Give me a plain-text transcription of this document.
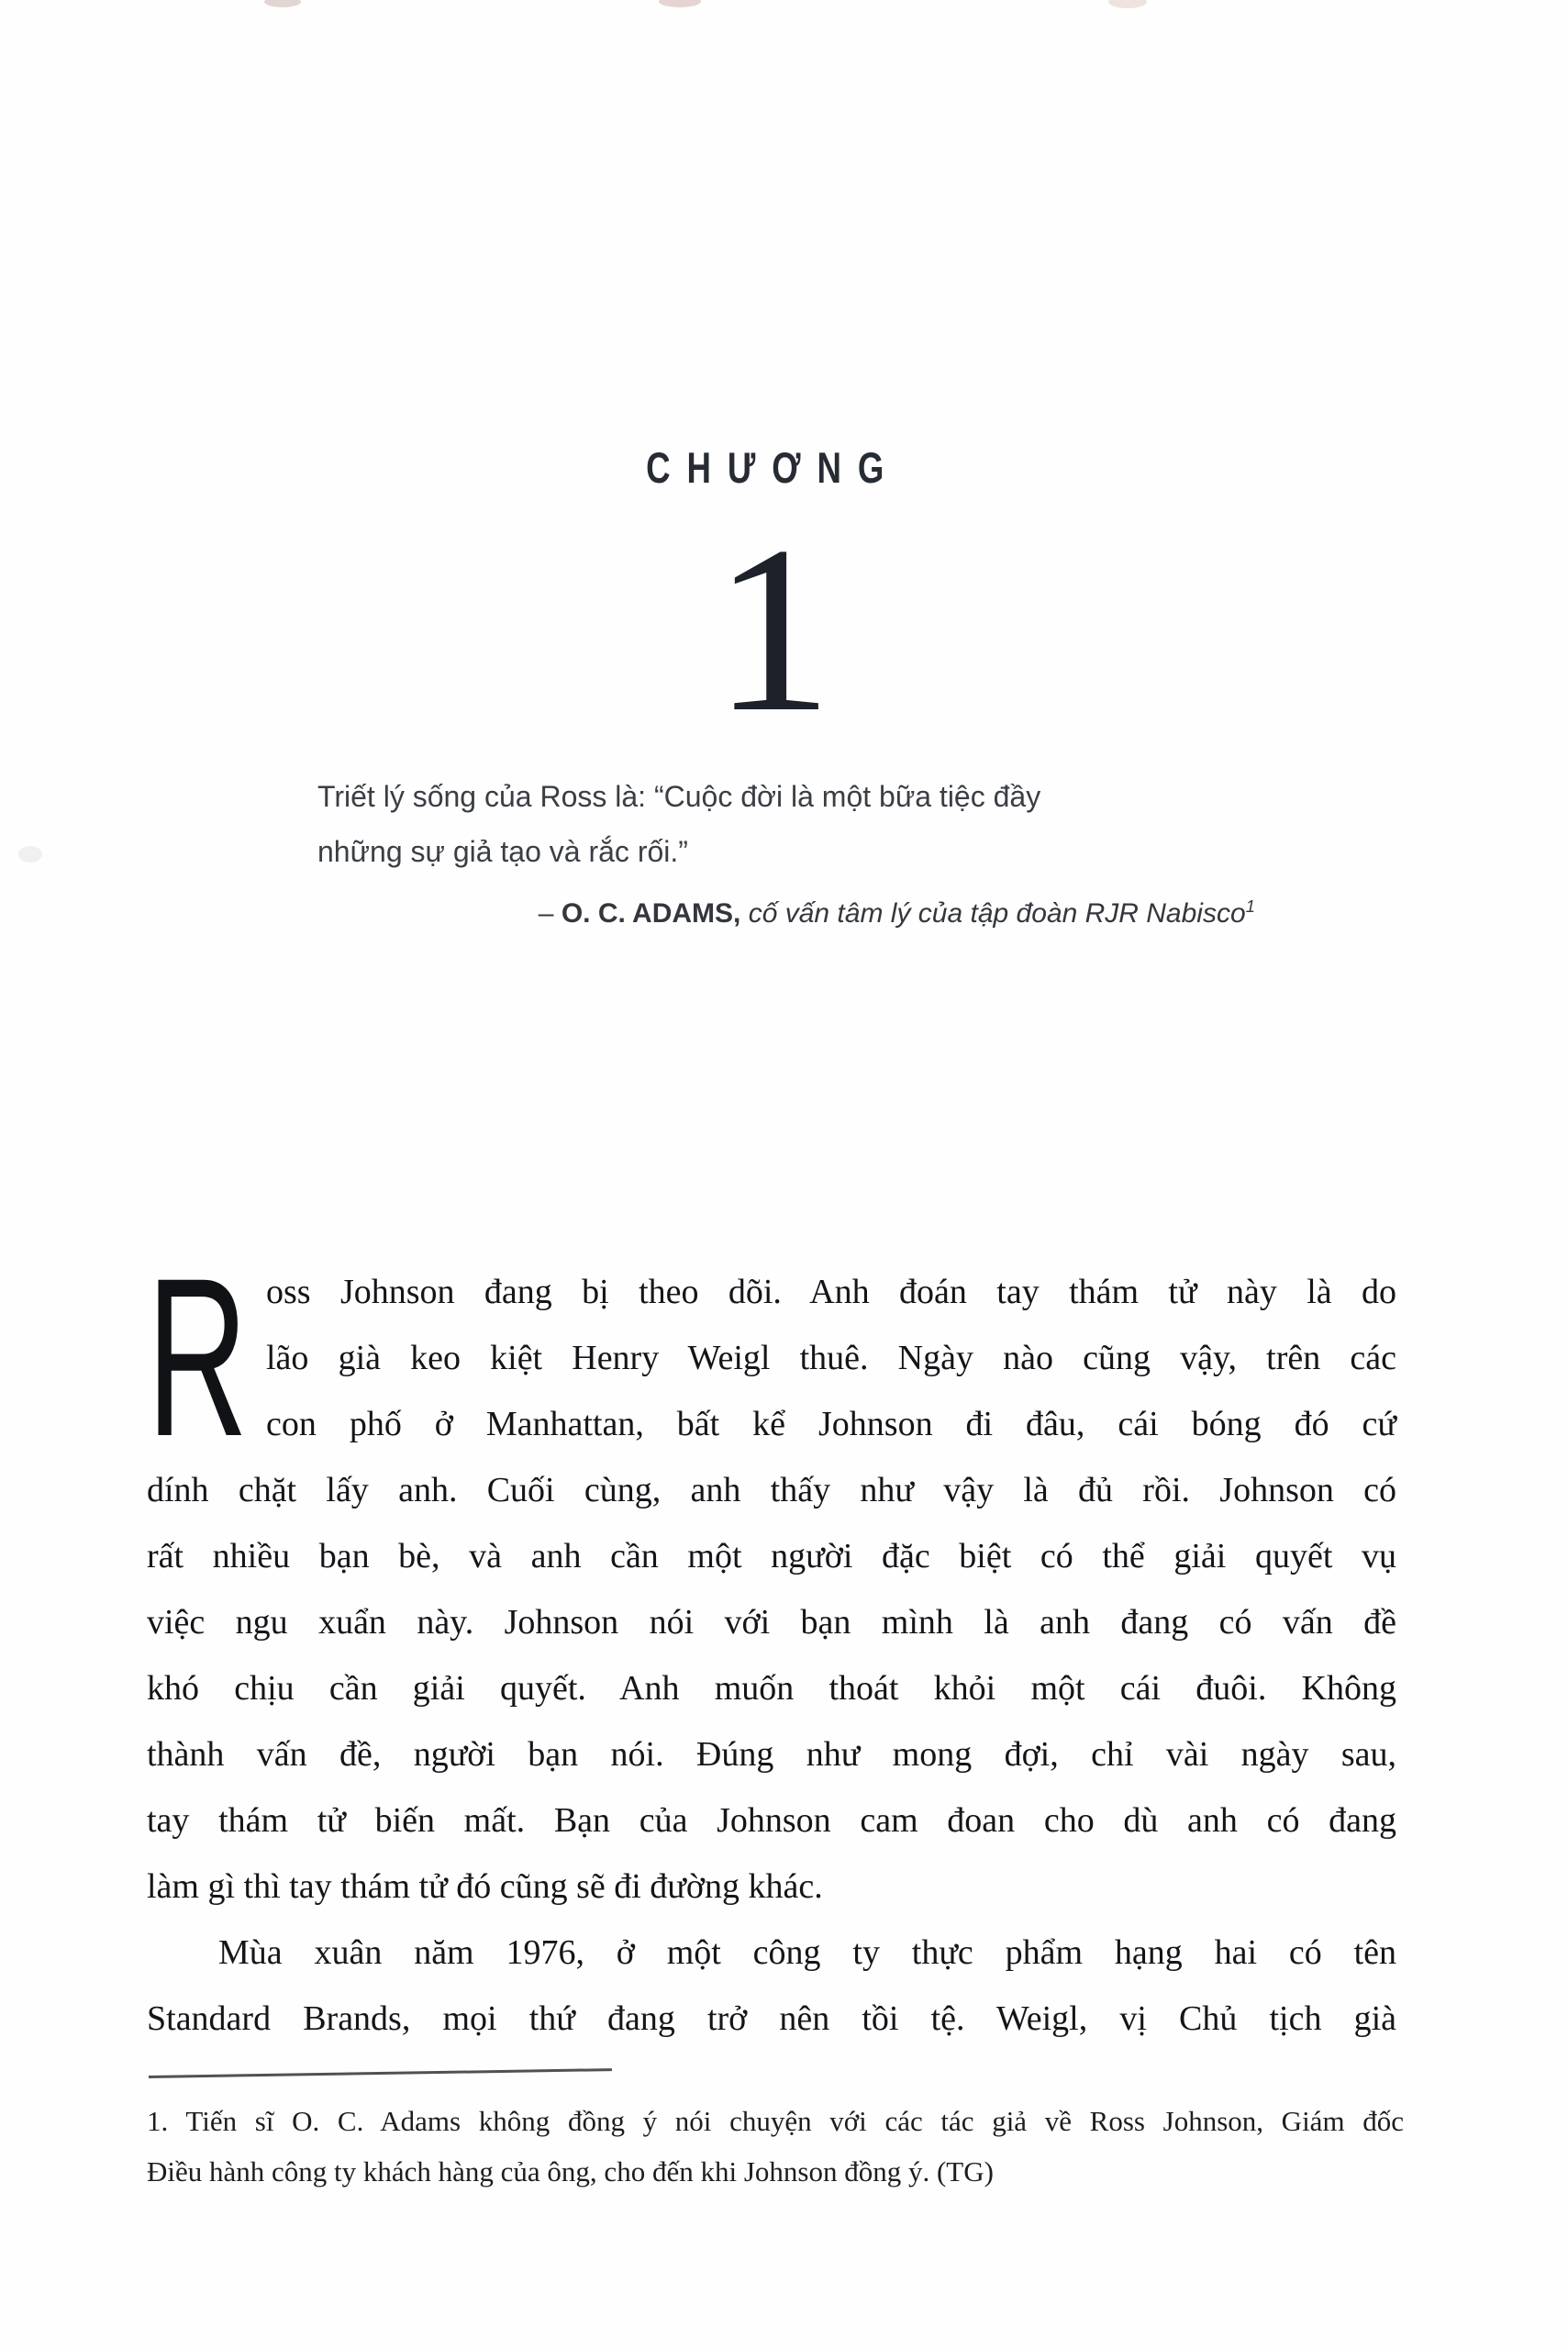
CHƯƠNG
1
Triết lý sống của Ross là: “Cuộc đời là một bữa tiệc đầy
những sự giả tạo và rắc rối.”
– O. C. ADAMS, cố vấn tâm lý của tập đoàn RJR Nabisco$^1$
R oss Johnson đang bị theo dõi. Anh đoán tay thám tử này là do
lão già keo kiệt Henry Weigl thuê. Ngày nào cũng vậy, trên các
con phố ở Manhattan, bất kể Johnson đi đâu, cái bóng đó cứ
dính chặt lấy anh. Cuối cùng, anh thấy như vậy là đủ rồi. Johnson có
rất nhiều bạn bè, và anh cần một người đặc biệt có thể giải quyết vụ
việc ngu xuẩn này. Johnson nói với bạn mình là anh đang có vấn đề
khó chịu cần giải quyết. Anh muốn thoát khỏi một cái đuôi. Không
thành vấn đề, người bạn nói. Đúng như mong đợi, chỉ vài ngày sau,
tay thám tử biến mất. Bạn của Johnson cam đoan cho dù anh có đang
làm gì thì tay thám tử đó cũng sẽ đi đường khác.
Mùa xuân năm 1976, ở một công ty thực phẩm hạng hai có tên
Standard Brands, mọi thứ đang trở nên tồi tệ. Weigl, vị Chủ tịch già
1. Tiến sĩ O. C. Adams không đồng ý nói chuyện với các tác giả về Ross Johnson, Giám đốc
Điều hành công ty khách hàng của ông, cho đến khi Johnson đồng ý. (TG)
